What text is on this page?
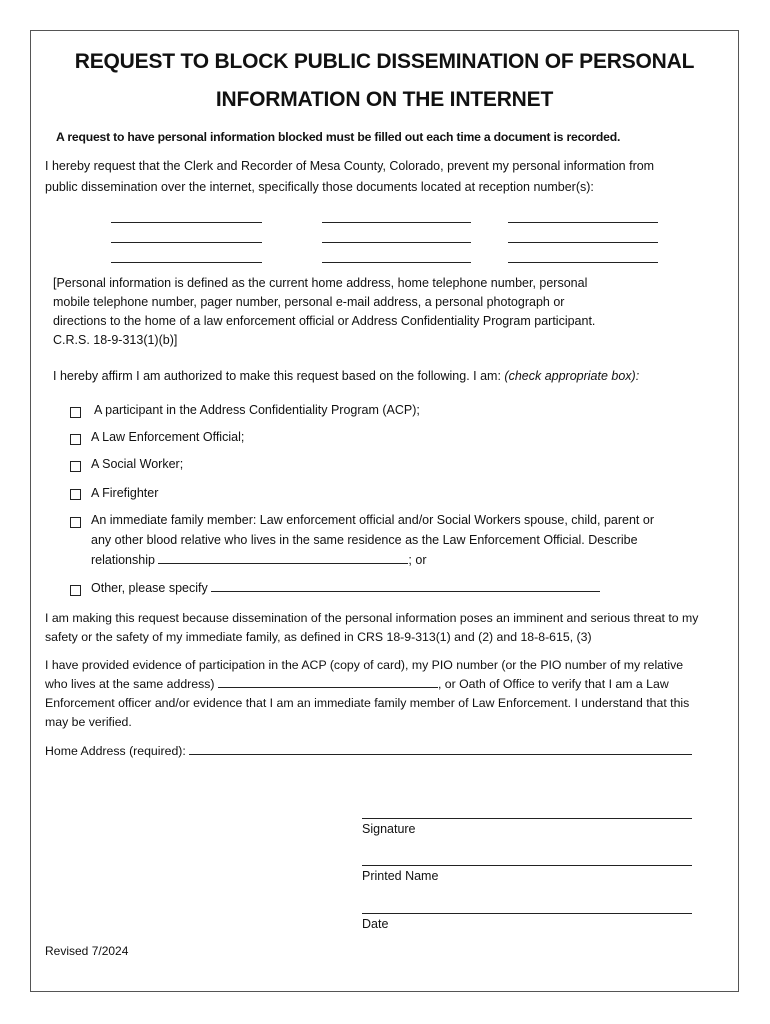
REQUEST TO BLOCK PUBLIC DISSEMINATION OF PERSONAL
INFORMATION ON THE INTERNET
A request to have personal information blocked must be filled out each time a document is recorded.
I hereby request that the Clerk and Recorder of Mesa County, Colorado, prevent my personal information from
public dissemination over the internet, specifically those documents located at reception number(s):
[Personal information is defined as the current home address, home telephone number, personal
mobile telephone number, pager number, personal e-mail address, a personal photograph or
directions to the home of a law enforcement official or Address Confidentiality Program participant.
C.R.S. 18-9-313(1)(b)]
I hereby affirm I am authorized to make this request based on the following. I am: (check appropriate box):
A participant in the Address Confidentiality Program (ACP);
A Law Enforcement Official;
A Social Worker;
A Firefighter
An immediate family member: Law enforcement official and/or Social Workers spouse, child, parent or
any other blood relative who lives in the same residence as the Law Enforcement Official. Describe
relationship	; or
Other, please specify
I am making this request because dissemination of the personal information poses an imminent and serious threat to my
safety or the safety of my immediate family, as defined in CRS 18-9-313(1) and (2) and 18-8-615, (3)
I have provided evidence of participation in the ACP (copy of card), my PIO number (or the PIO number of my relative
who lives at the same address)	, or Oath of Office to verify that I am a Law
Enforcement officer and/or evidence that I am an immediate family member of Law Enforcement. I understand that this
may be verified.
Home Address (required):
Signature
Printed Name
Date
Revised 7/2024
